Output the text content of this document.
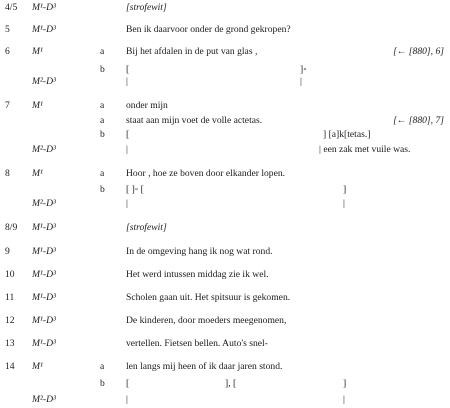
4/5 M¹-D³	[strofewit]
5 M¹-D³	Ben ik daarvoor onder de grond gekropen?
6 M¹	a Bij het afdalen in de put van glas ,	[← [880], 6]
b [	]◦
M²-D³	|	|
7 M¹	a onder mijn
a staat aan mijn voet de volle actetas.	[← [880], 7]
b [	] [a]k[tetas.]
M²-D³	|	| een zak met vuile was.
8 M¹	a Hoor , hoe ze boven door elkander lopen.
b [ ]◦ [	]
M²-D³	|	|
8/9 M¹-D³	[strofewit]
9 M¹-D³	In de omgeving hang ik nog wat rond.
10 M¹-D³	Het werd intussen middag zie ik wel.
11 M¹-D³	Scholen gaan uit. Het spitsuur is gekomen.
12 M¹-D³	De kinderen, door moeders meegenomen,
13 M¹-D³	vertellen. Fietsen bellen. Auto's snel-
14 M¹	a len langs mij heen of ik daar jaren stond.
b [	], [	]
M²-D³	|	|
